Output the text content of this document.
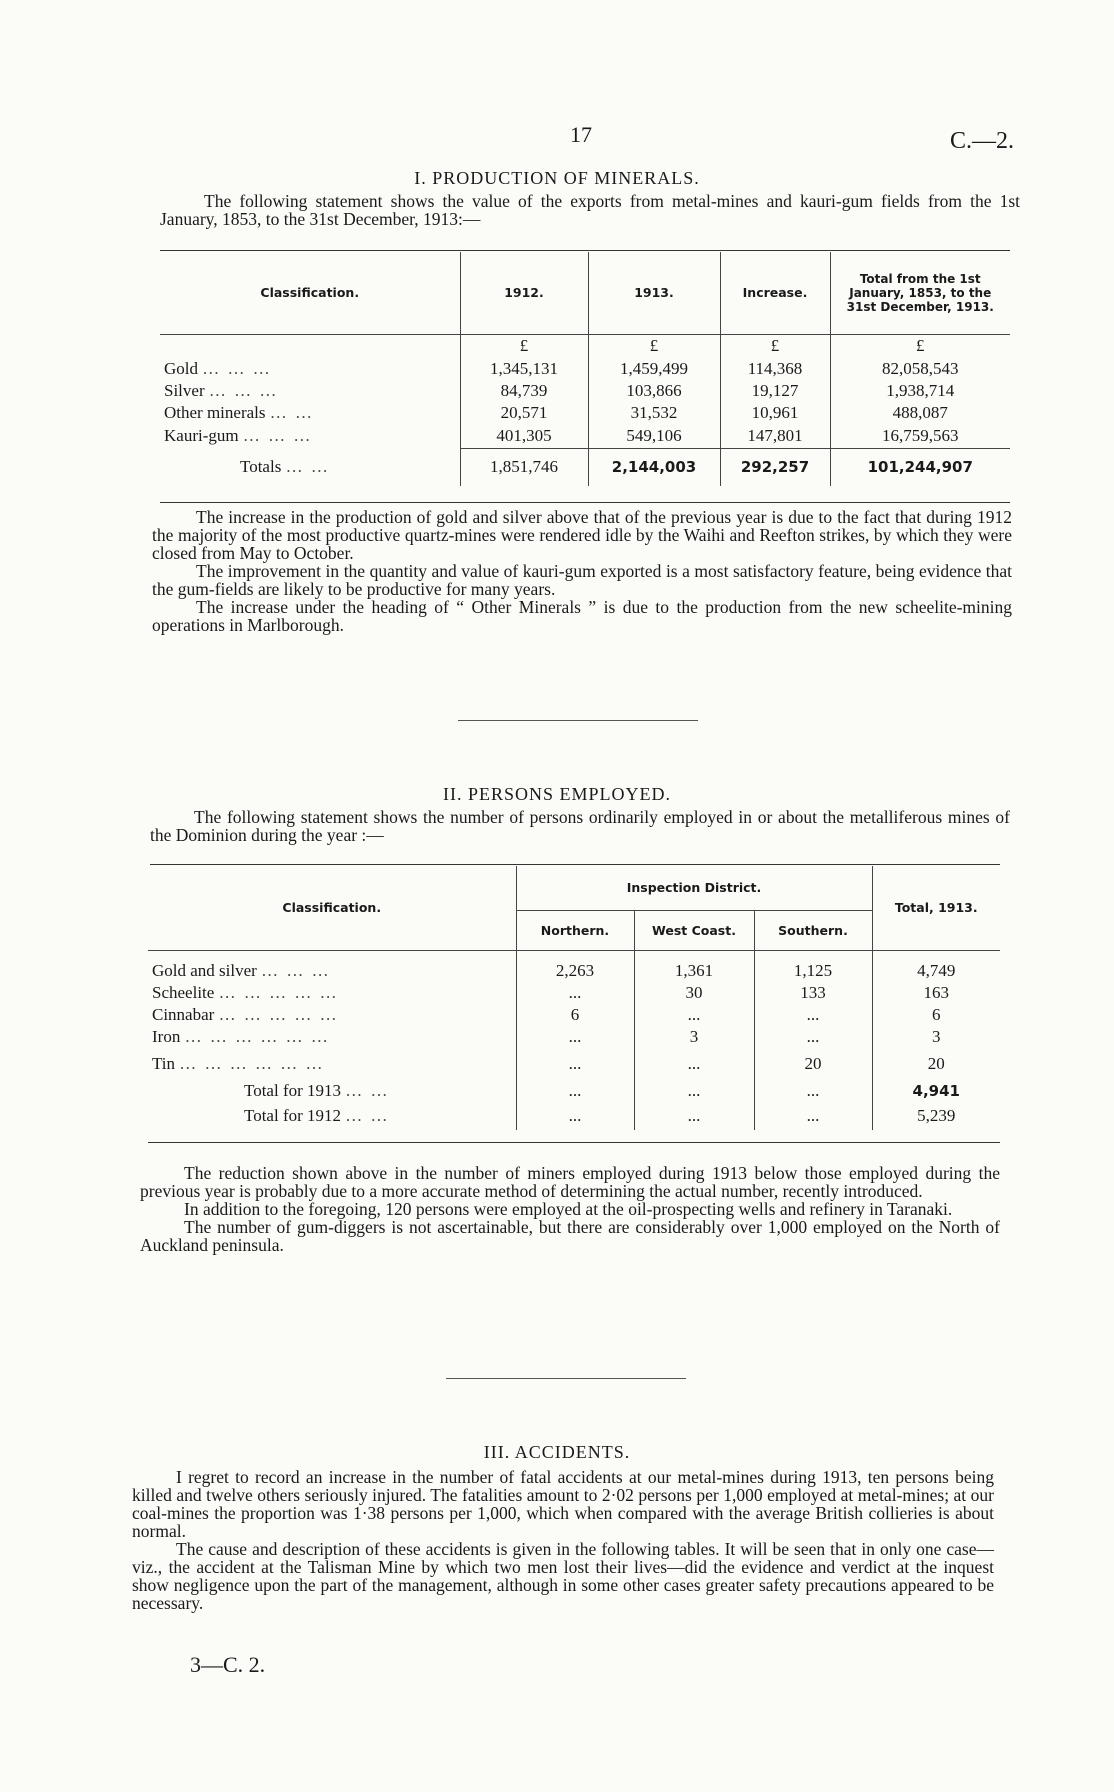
17	C.—2.
I. PRODUCTION OF MINERALS.

The following statement shows the value of the exports from metal-mines and kauri-gum fields from the 1st January, 1853, to the 31st December, 1913:—

Classification.	1912.	1913.	Increase.	Total from the 1st January, 1853, to the 31st December, 1913.
	£	£	£	£
Gold … … …	1,345,131	1,459,499	114,368	82,058,543
Silver … … …	84,739	103,866	19,127	1,938,714
Other minerals … …	20,571	31,532	10,961	488,087
Kauri-gum … … …	401,305	549,106	147,801	16,759,563
Totals … …	1,851,746	2,144,003	292,257	101,244,907

The increase in the production of gold and silver above that of the previous year is due to the fact that during 1912 the majority of the most productive quartz-mines were rendered idle by the Waihi and Reefton strikes, by which they were closed from May to October.

The improvement in the quantity and value of kauri-gum exported is a most satisfactory feature, being evidence that the gum-fields are likely to be productive for many years.

The increase under the heading of “ Other Minerals ” is due to the production from the new scheelite-mining operations in Marlborough.

II. PERSONS EMPLOYED.

The following statement shows the number of persons ordinarily employed in or about the metalliferous mines of the Dominion during the year :—

Classification.	Inspection District.			Total, 1913.
	Northern.	West Coast.	Southern.	

Gold and silver … … …	2,263	1,361	1,125	4,749
Scheelite … … … … …	...	30	133	163
Cinnabar … … … … …	6	...	...	6
Iron … … … … … …	...	3	...	3
Tin … … … … … …	...	...	20	20
Total for 1913 … …	...	...	...	4,941
Total for 1912 … …	...	...	...	5,239

The reduction shown above in the number of miners employed during 1913 below those employed during the previous year is probably due to a more accurate method of determining the actual number, recently introduced.

In addition to the foregoing, 120 persons were employed at the oil-prospecting wells and refinery in Taranaki.

The number of gum-diggers is not ascertainable, but there are considerably over 1,000 employed on the North of Auckland peninsula.

III. ACCIDENTS.

I regret to record an increase in the number of fatal accidents at our metal-mines during 1913, ten persons being killed and twelve others seriously injured. The fatalities amount to 2·02 persons per 1,000 employed at metal-mines; at our coal-mines the proportion was 1·38 persons per 1,000, which when compared with the average British collieries is about normal.

The cause and description of these accidents is given in the following tables. It will be seen that in only one case—viz., the accident at the Talisman Mine by which two men lost their lives—did the evidence and verdict at the inquest show negligence upon the part of the management, although in some other cases greater safety precautions appeared to be necessary.

3—C. 2.
